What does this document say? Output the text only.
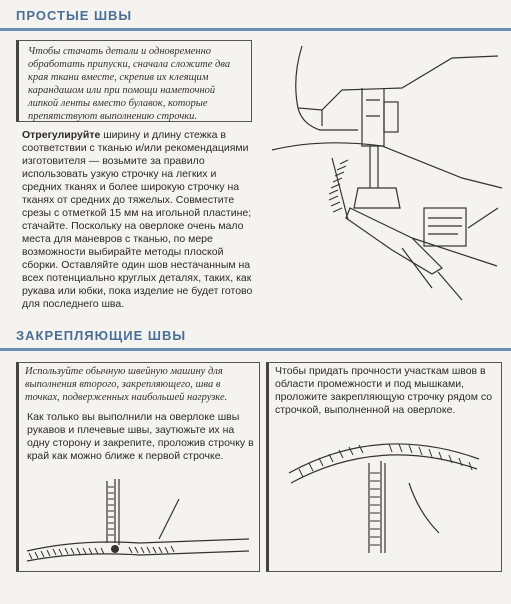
ПРОСТЫЕ ШВЫ
Чтобы стачать детали и одновременно обработать припуски, сначала сложите два края ткани вместе, скрепив их клеящим карандашом или при помощи наметочной липкой ленты вместо булавок, которые препятствуют выполнению строчки.
Отрегулируйте ширину и длину стежка в соответствии с тканью и/или рекомендациями изготовителя — возьмите за правило использовать узкую строчку на легких и средних тканях и более широкую строчку на тканях от средних до тяжелых. Совместите срезы с отметкой 15 мм на игольной пластине; стачайте. Поскольку на оверлоке очень мало места для маневров с тканью, по мере возможности выбирайте методы плоской сборки. Оставляйте один шов нестачанным на всех потенциально круглых деталях, таких, как рукава или юбки, пока изделие не будет готово для последнего шва.
ЗАКРЕПЛЯЮЩИЕ ШВЫ
Используйте обычную швейную машину для выполнения второго, закрепляющего, шва в точках, подверженных наибольшей нагрузке.
Как только вы выполнили на оверлоке швы рукавов и плечевые швы, заутюжьте их на одну сторону и закрепите, проложив строчку в край как можно ближе к первой строчке.
Чтобы придать прочности участкам швов в области промежности и под мышками, проложите закрепляющую строчку рядом со строчкой, выполненной на оверлоке.
